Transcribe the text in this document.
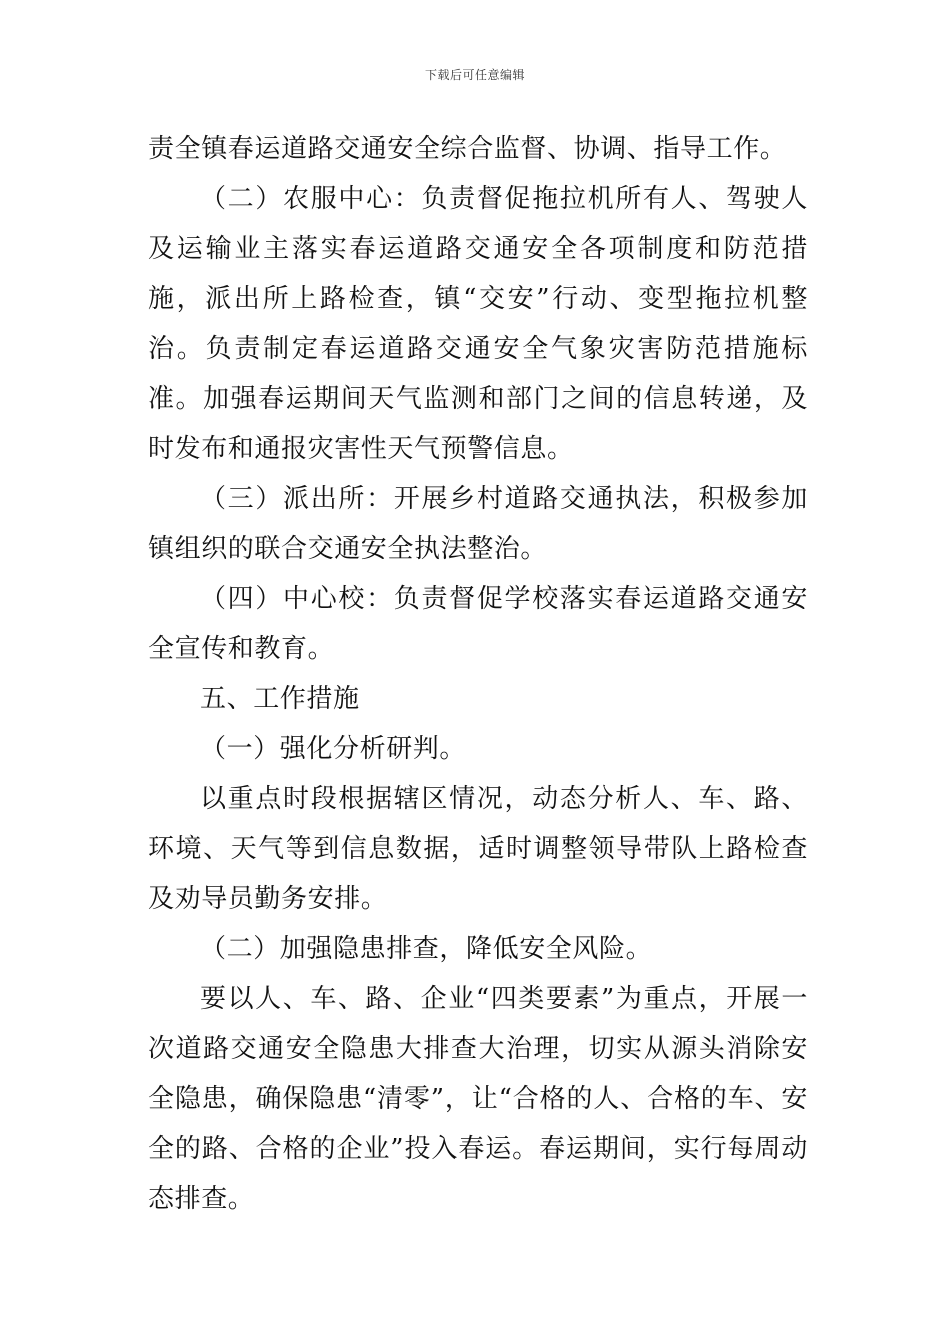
下载后可任意编辑

责全镇春运道路交通安全综合监督、协调、指导工作。

（二）农服中心：负责督促拖拉机所有人、驾驶人及运输业主落实春运道路交通安全各项制度和防范措施，派出所上路检查，镇“交安”行动、变型拖拉机整治。负责制定春运道路交通安全气象灾害防范措施标准。加强春运期间天气监测和部门之间的信息转递，及时发布和通报灾害性天气预警信息。

（三）派出所：开展乡村道路交通执法，积极参加镇组织的联合交通安全执法整治。

（四）中心校：负责督促学校落实春运道路交通安全宣传和教育。

五、工作措施

（一）强化分析研判。

以重点时段根据辖区情况，动态分析人、车、路、环境、天气等到信息数据，适时调整领导带队上路检查及劝导员勤务安排。

（二）加强隐患排查，降低安全风险。

要以人、车、路、企业“四类要素”为重点，开展一次道路交通安全隐患大排查大治理，切实从源头消除安全隐患，确保隐患“清零”，让“合格的人、合格的车、安全的路、合格的企业”投入春运。春运期间，实行每周动态排查。
